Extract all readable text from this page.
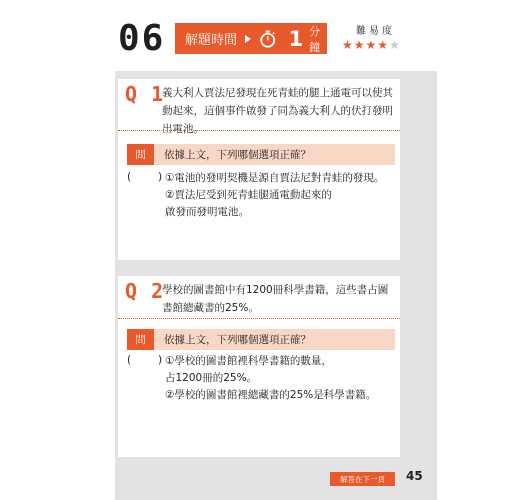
06 解題時間 1 分鐘
難易度
★★★★★
Q 1
義大利人賈法尼發現在死青蛙的腿上通電可以使其動起來，這個事件啟發了同為義大利人的伏打發明出電池。
問	依據上文，下列哪個選項正確？
(	) ①電池的發明契機是源自賈法尼對青蛙的發現。
②賈法尼受到死青蛙腿通電動起來的啟發而發明電池。
Q 2
學校的圖書館中有1200冊科學書籍，這些書占圖書館總藏書的25%。
問	依據上文，下列哪個選項正確？
(	) ①學校的圖書館裡科學書籍的數量，占1200冊的25%。
②學校的圖書館裡總藏書的25%是科學書籍。
解答在下一頁	45
